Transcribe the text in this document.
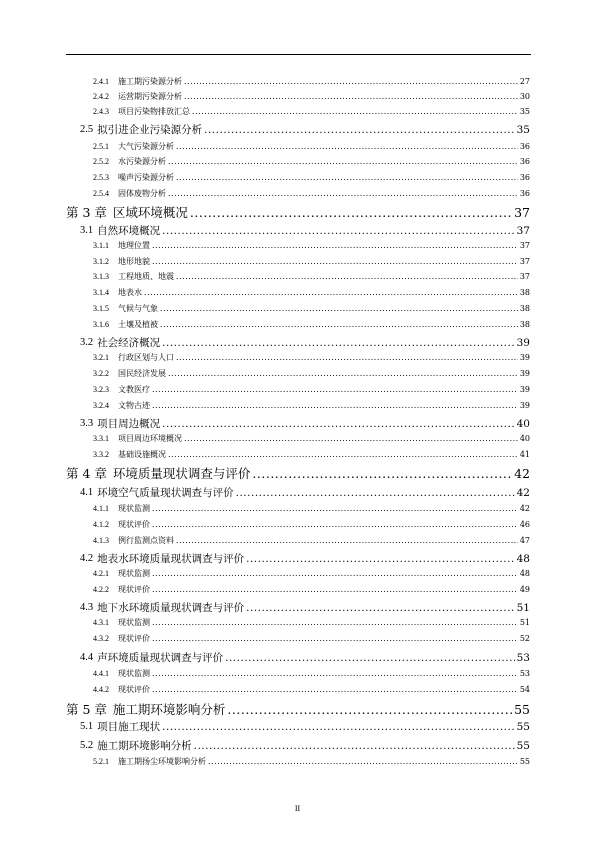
2.4.1	施工期污染源分析 .....	27
2.4.2	运营期污染源分析 .....	30
2.4.3	项目污染物排放汇总 .....	35
2.5 拟引进企业污染源分析 .....	35
2.5.1	大气污染源分析 .....	36
2.5.2	水污染源分析 .....	36
2.5.3	噪声污染源分析 .....	36
2.5.4	固体废物分析 .....	36
第 3 章 区域环境概况 .....	37
3.1 自然环境概况 .....	37
3.1.1	地理位置 .....	37
3.1.2	地形地貌 .....	37
3.1.3	工程地质、地震 .....	37
3.1.4	地表水 .....	38
3.1.5	气候与气象 .....	38
3.1.6	土壤及植被 .....	38
3.2 社会经济概况 .....	39
3.2.1	行政区划与人口 .....	39
3.2.2	国民经济发展 .....	39
3.2.3	文教医疗 .....	39
3.2.4	文物古迹 .....	39
3.3 项目周边概况 .....	40
3.3.1	项目周边环境概况 .....	40
3.3.2	基础设施概况 .....	41
第 4 章 环境质量现状调查与评价 .....	42
4.1 环境空气质量现状调查与评价 .....	42
4.1.1	现状监测 .....	42
4.1.2	现状评价 .....	46
4.1.3	例行监测点资料 .....	47
4.2 地表水环境质量现状调查与评价 .....	48
4.2.1	现状监测 .....	48
4.2.2	现状评价 .....	49
4.3 地下水环境质量现状调查与评价 .....	51
4.3.1	现状监测 .....	51
4.3.2	现状评价 .....	52
4.4 声环境质量现状调查与评价 .....	53
4.4.1	现状监测 .....	53
4.4.2	现状评价 .....	54
第 5 章 施工期环境影响分析 .....	55
5.1 项目施工现状 .....	55
5.2 施工期环境影响分析 .....	55
5.2.1	施工期扬尘环境影响分析 .....	55
II
